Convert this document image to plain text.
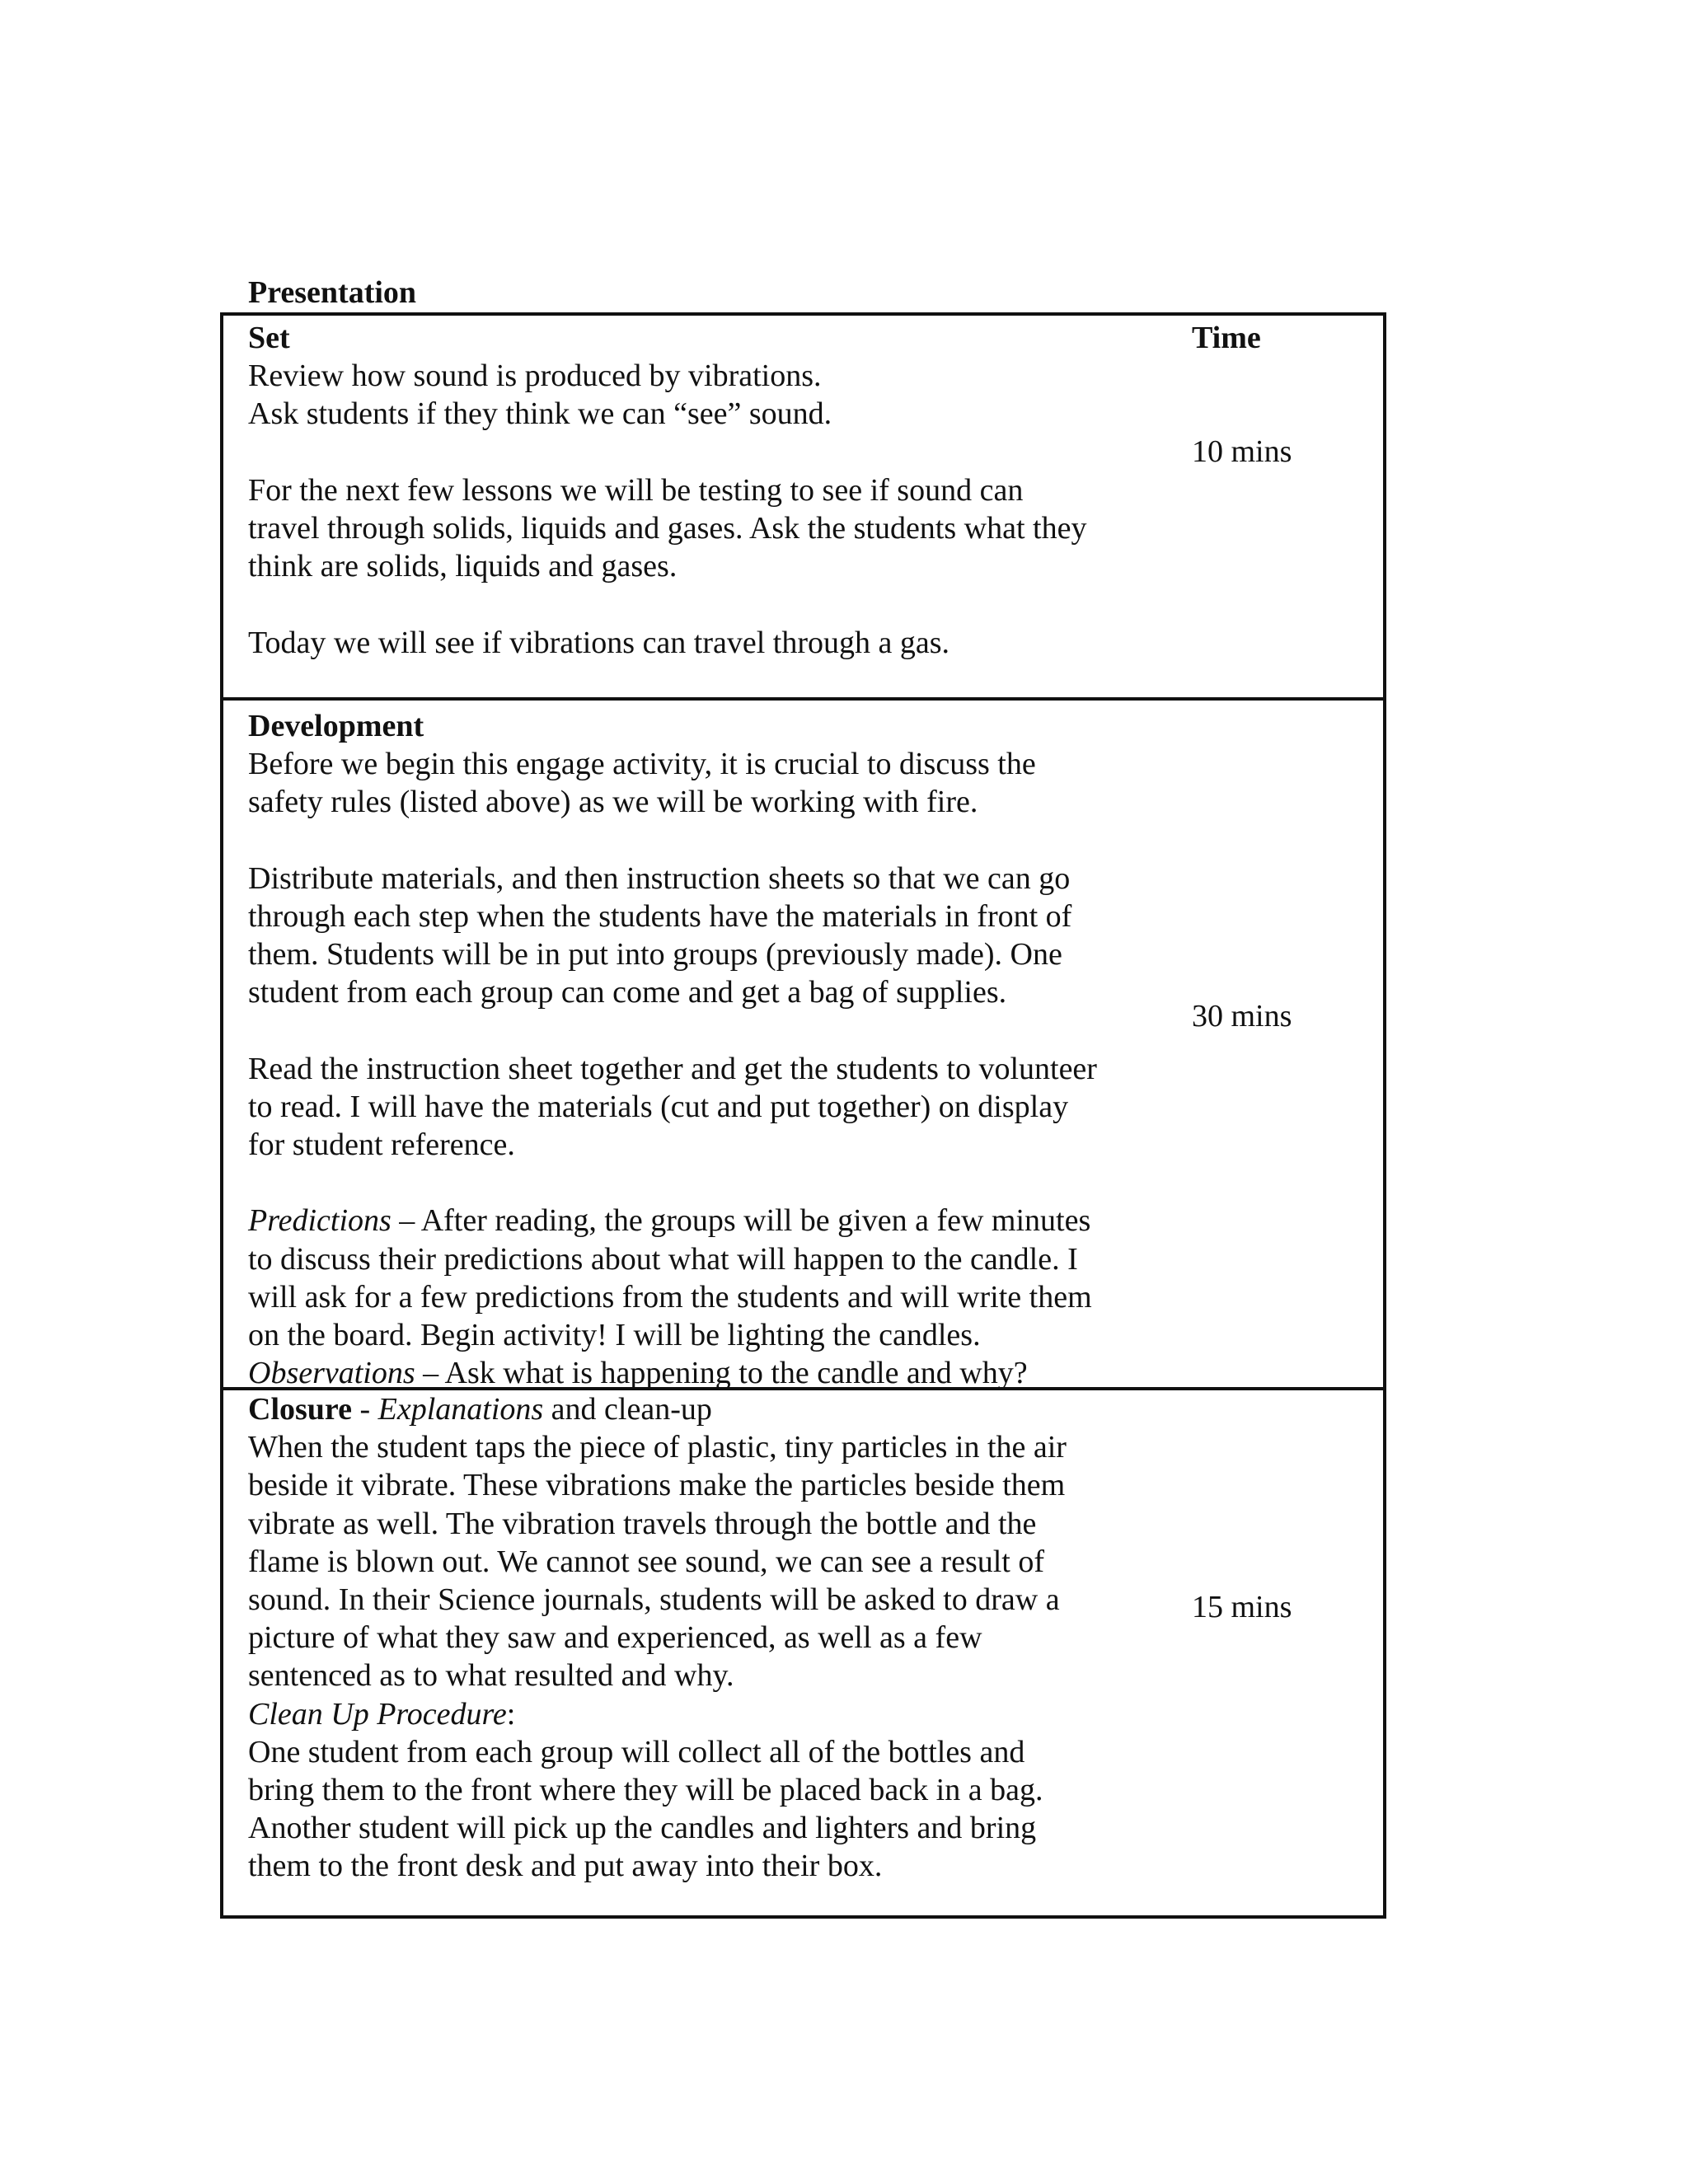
Presentation
Set
Review how sound is produced by vibrations.
Ask students if they think we can “see” sound.
For the next few lessons we will be testing to see if sound can
travel through solids, liquids and gases. Ask the students what they
think are solids, liquids and gases.
Today we will see if vibrations can travel through a gas.
Time
10 mins
Development
Before we begin this engage activity, it is crucial to discuss the
safety rules (listed above) as we will be working with fire.
Distribute materials, and then instruction sheets so that we can go
through each step when the students have the materials in front of
them. Students will be in put into groups (previously made). One
student from each group can come and get a bag of supplies.
Read the instruction sheet together and get the students to volunteer
to read. I will have the materials (cut and put together) on display
for student reference.
Predictions – After reading, the groups will be given a few minutes
to discuss their predictions about what will happen to the candle. I
will ask for a few predictions from the students and will write them
on the board. Begin activity! I will be lighting the candles.
Observations – Ask what is happening to the candle and why?
30 mins
Closure - Explanations and clean-up
When the student taps the piece of plastic, tiny particles in the air
beside it vibrate. These vibrations make the particles beside them
vibrate as well. The vibration travels through the bottle and the
flame is blown out. We cannot see sound, we can see a result of
sound. In their Science journals, students will be asked to draw a
picture of what they saw and experienced, as well as a few
sentenced as to what resulted and why.
Clean Up Procedure:
One student from each group will collect all of the bottles and
bring them to the front where they will be placed back in a bag.
Another student will pick up the candles and lighters and bring
them to the front desk and put away into their box.
15 mins
